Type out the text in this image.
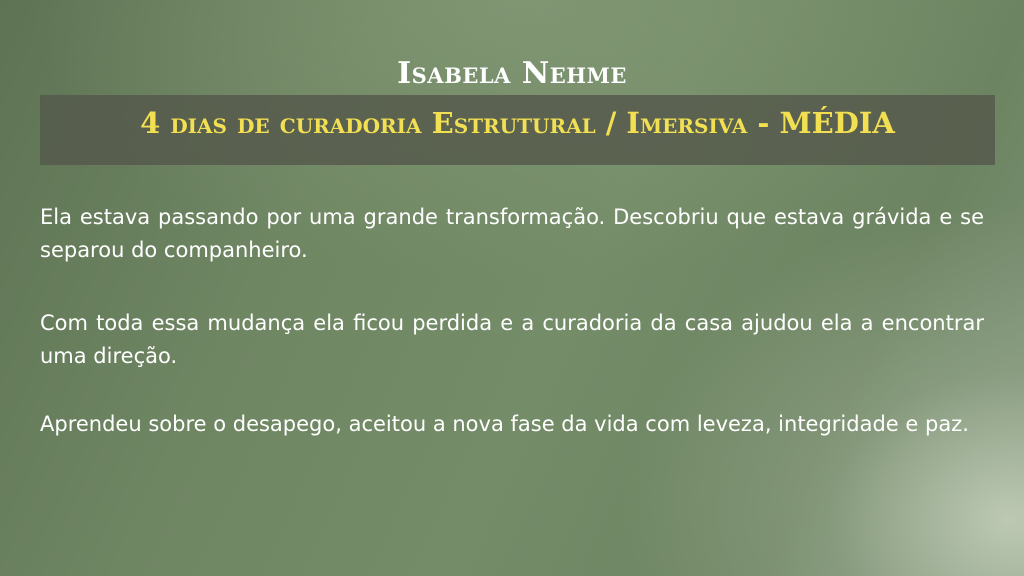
Isabela Nehme
4 dias de curadoria Estrutural / Imersiva - MÉDIA
Ela estava passando por uma grande transformação. Descobriu que estava grávida e se separou do companheiro.
Com toda essa mudança ela ficou perdida e a curadoria da casa ajudou ela a encontrar uma direção.
Aprendeu sobre o desapego, aceitou a nova fase da vida com leveza, integridade e paz.
